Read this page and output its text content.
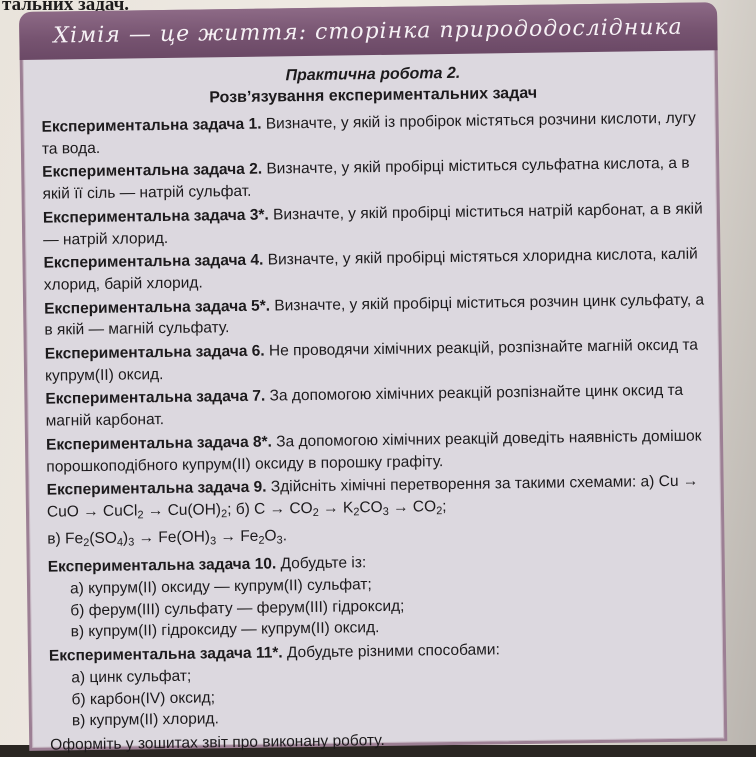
тальних задач.
Хімія — це життя: сторінка природодослідника
Практична робота 2.
Розв’язування експериментальних задач
Експериментальна задача 1. Визначте, у якій із пробірок містяться розчини кислоти, лугу та вода.
Експериментальна задача 2. Визначте, у якій пробірці міститься сульфатна кислота, а в якій її сіль — натрій сульфат.
Експериментальна задача 3*. Визначте, у якій пробірці міститься натрій карбонат, а в якій — натрій хлорид.
Експериментальна задача 4. Визначте, у якій пробірці містяться хлоридна кислота, калій хлорид, барій хлорид.
Експериментальна задача 5*. Визначте, у якій пробірці міститься розчин цинк сульфату, а в якій — магній сульфату.
Експериментальна задача 6. Не проводячи хімічних реакцій, розпізнайте магній оксид та купрум(ІІ) оксид.
Експериментальна задача 7. За допомогою хімічних реакцій розпізнайте цинк оксид та магній карбонат.
Експериментальна задача 8*. За допомогою хімічних реакцій доведіть наявність домішок порошкоподібного купрум(ІІ) оксиду в порошку графіту.
Експериментальна задача 9. Здійсніть хімічні перетворення за такими схемами: а) Cu → CuO → CuCl$_2$ → $Cu(OH)_2$; б) $C \to CO_2 \to K_2CO_3 \to CO_2$;
в) $Fe_2(SO_4)_3 \to Fe(OH)_3 \to Fe_2O_3$.
Експериментальна задача 10. Добудьте із:
а) купрум(ІІ) оксиду — купрум(ІІ) сульфат;
б) ферум(ІІІ) сульфату — ферум(ІІІ) гідроксид;
в) купрум(ІІ) гідроксиду — купрум(ІІ) оксид.
Експериментальна задача 11*. Добудьте різними способами:
а) цинк сульфат;
б) карбон(IV) оксид;
в) купрум(ІІ) хлорид.
Оформіть у зошитах звіт про виконану роботу.
